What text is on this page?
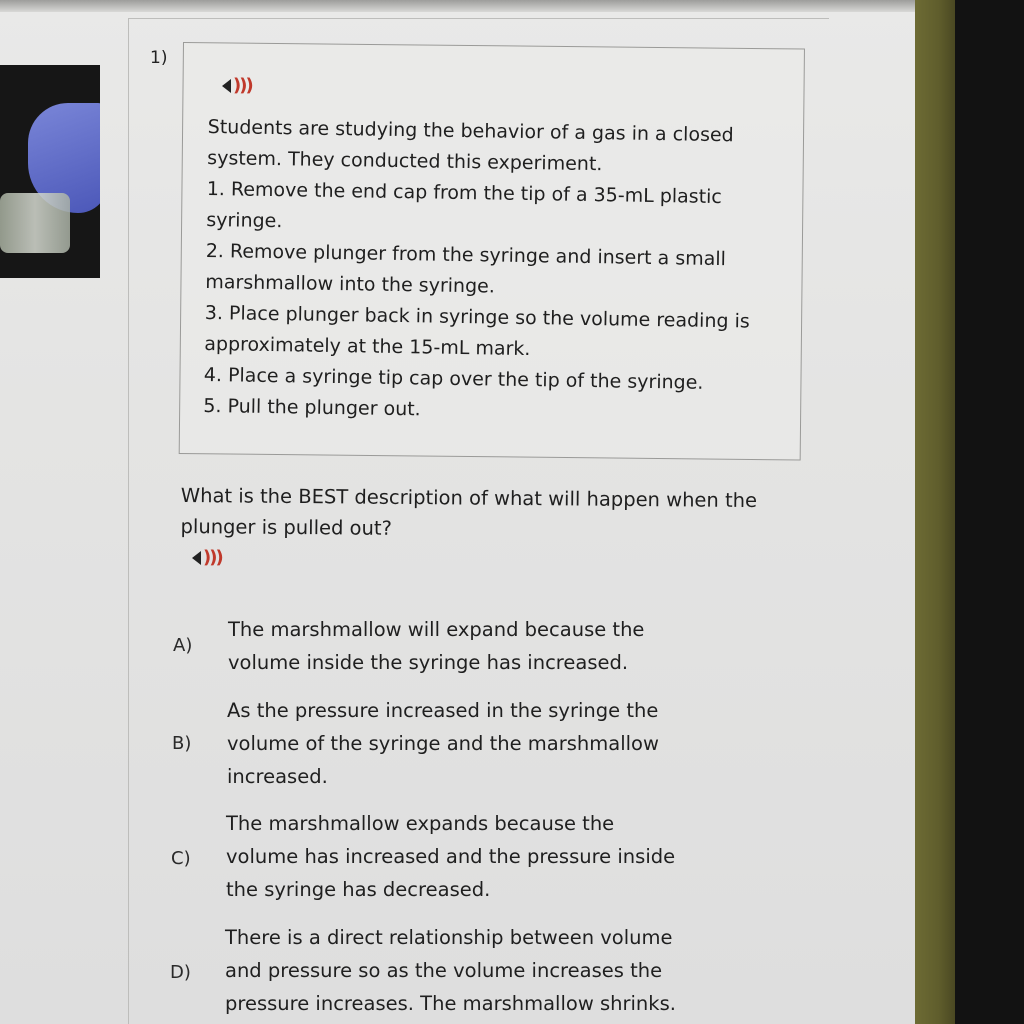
1)
)))

Students are studying the behavior of a gas in a closed

system. They conducted this experiment.

1. Remove the end cap from the tip of a 35-mL plastic

syringe.

2. Remove plunger from the syringe and insert a small

marshmallow into the syringe.

3. Place plunger back in syringe so the volume reading is

approximately at the 15-mL mark.

4. Place a syringe tip cap over the tip of the syringe.

5. Pull the plunger out.

What is the BEST description of what will happen when the
plunger is pulled out?
)))
A)
The marshmallow will expand because the
volume inside the syringe has increased.
B)
As the pressure increased in the syringe the
volume of the syringe and the marshmallow
increased.
C)
The marshmallow expands because the
volume has increased and the pressure inside
the syringe has decreased.
D)
There is a direct relationship between volume
and pressure so as the volume increases the
pressure increases. The marshmallow shrinks.
